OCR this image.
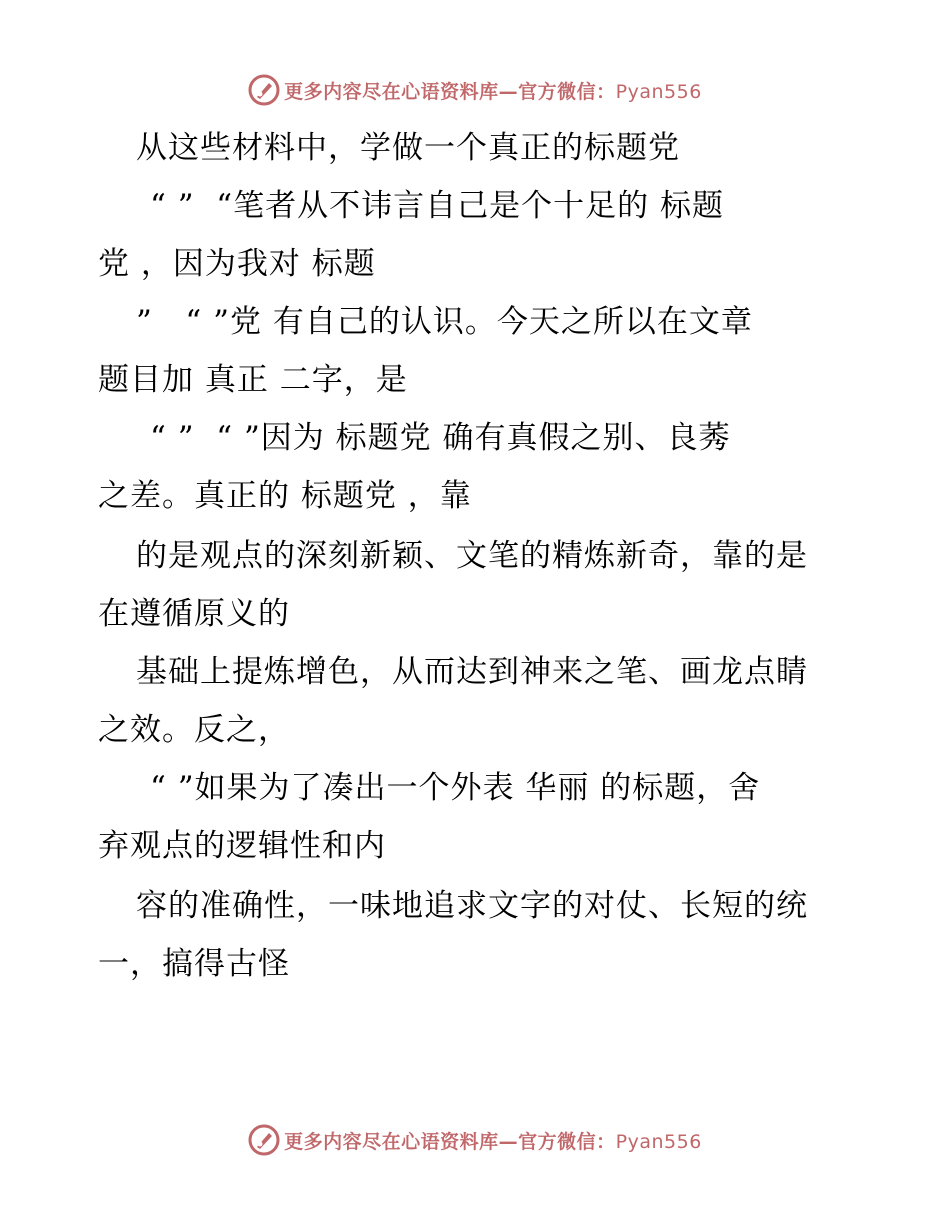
更多内容尽在心语资料库—官方微信：Pyan556
从这些材料中，学做一个真正的标题党
“ ”  “笔者从不讳言自己是个十足的 标题
党 ，因为我对 标题
”   “ ”党 有自己的认识。今天之所以在文章
题目加 真正 二字，是
“ ”  “ ”因为 标题党 确有真假之别、良莠
之差。真正的 标题党 ，靠
的是观点的深刻新颖、文笔的精炼新奇，靠的是
在遵循原义的
基础上提炼增色，从而达到神来之笔、画龙点睛
之效。反之，
“ ”如果为了凑出一个外表 华丽 的标题，舍
弃观点的逻辑性和内
容的准确性，一味地追求文字的对仗、长短的统
一，搞得古怪
更多内容尽在心语资料库—官方微信：Pyan556
